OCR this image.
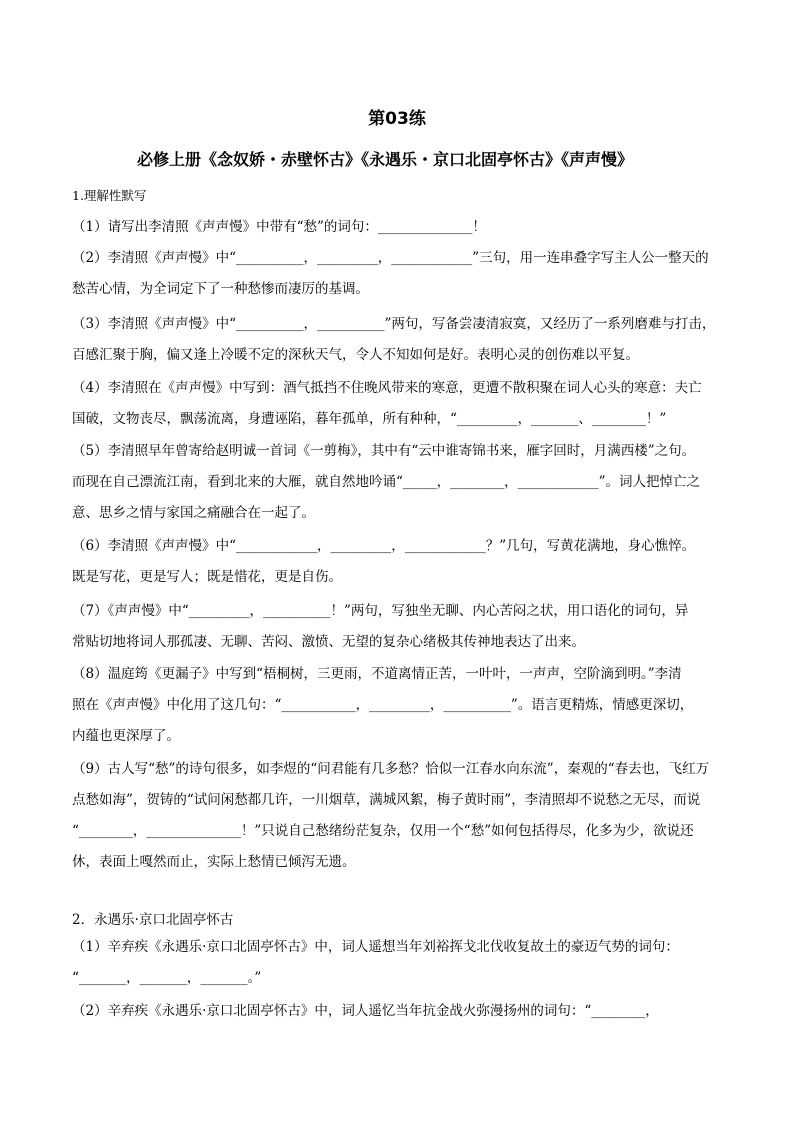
第03练
必修上册《念奴娇・赤壁怀古》《永遇乐・京口北固亭怀古》《声声慢》
1.理解性默写

（1）请写出李清照《声声慢》中带有“愁”的词句：______________！

（2）李清照《声声慢》中“__________，_________，____________”三句，用一连串叠字写主人公一整天的

愁苦心情，为全词定下了一种愁惨而凄厉的基调。

（3）李清照《声声慢》中“__________，__________”两句，写备尝凄清寂寞，又经历了一系列磨难与打击，

百感汇聚于胸，偏又逢上冷暖不定的深秋天气，令人不知如何是好。表明心灵的创伤难以平复。

（4）李清照在《声声慢》中写到：酒气抵挡不住晚风带来的寒意，更遭不散积聚在词人心头的寒意：夫亡

国破，文物丧尽，飘荡流离，身遭诬陷，暮年孤单，所有种种，“_________，_______、________！”

（5）李清照早年曾寄给赵明诚一首词《一剪梅》，其中有“云中谁寄锦书来，雁字回时，月满西楼”之句。

而现在自己漂流江南，看到北来的大雁，就自然地吟诵“_____，________，____________”。词人把悼亡之

意、思乡之情与家国之痛融合在一起了。

（6）李清照《声声慢》中“____________，_________，____________？”几句，写黄花满地，身心憔悴。

既是写花，更是写人；既是惜花，更是自伤。

（7）《声声慢》中“_________，__________！”两句，写独坐无聊、内心苦闷之状，用口语化的词句，异

常贴切地将词人那孤凄、无聊、苦闷、激愤、无望的复杂心绪极其传神地表达了出来。

（8）温庭筠《更漏子》中写到“梧桐树，三更雨，不道离情正苦，一叶叶，一声声，空阶滴到明。”李清

照在《声声慢》中化用了这几句：“___________，_________，__________”。语言更精炼，情感更深切，

内蕴也更深厚了。

（9）古人写“愁”的诗句很多，如李煜的“问君能有几多愁？恰似一江春水向东流”，秦观的“春去也，飞红万

点愁如海”，贺铸的“试问闲愁都几许，一川烟草，满城风絮，梅子黄时雨”，李清照却不说愁之无尽，而说

“________，______________！”只说自己愁绪纷茫复杂，仅用一个“愁”如何包括得尽，化多为少，欲说还

休，表面上嘎然而止，实际上愁情已倾泻无遗。

2．永遇乐·京口北固亭怀古

（1）辛弃疾《永遇乐·京口北固亭怀古》中，词人遥想当年刘裕挥戈北伐收复故土的豪迈气势的词句：

“_______，_______，_______。”

（2）辛弃疾《永遇乐·京口北固亭怀古》中，词人遥忆当年抗金战火弥漫扬州的词句：“________，
